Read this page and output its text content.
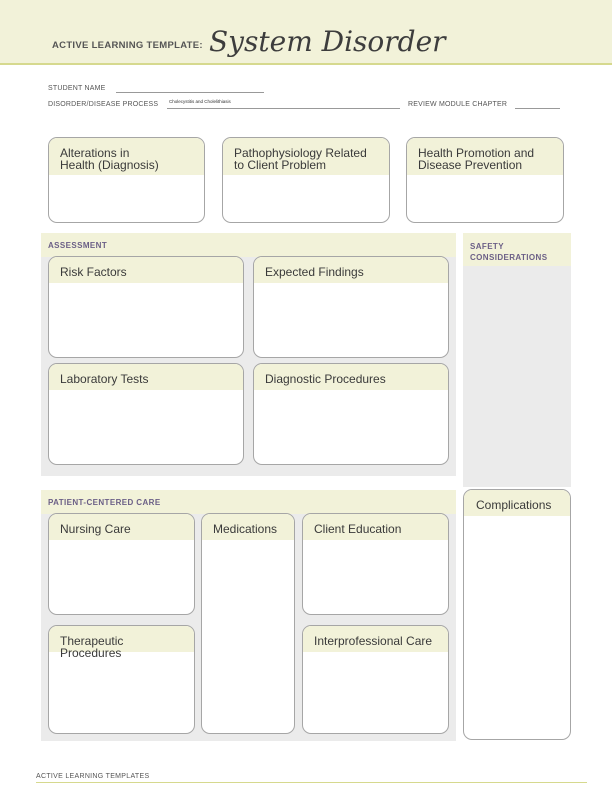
ACTIVE LEARNING TEMPLATE: System Disorder
STUDENT NAME
DISORDER/DISEASE PROCESS Cholecystitis and Cholelithiasis	REVIEW MODULE CHAPTER
Alterations in Health (Diagnosis)
Pathophysiology Related to Client Problem
Health Promotion and Disease Prevention
ASSESSMENT
Risk Factors	Expected Findings
Laboratory Tests	Diagnostic Procedures
SAFETY CONSIDERATIONS
PATIENT-CENTERED CARE
Nursing Care	Medications	Client Education
Therapeutic Procedures
Interprofessional Care
Complications
ACTIVE LEARNING TEMPLATES
